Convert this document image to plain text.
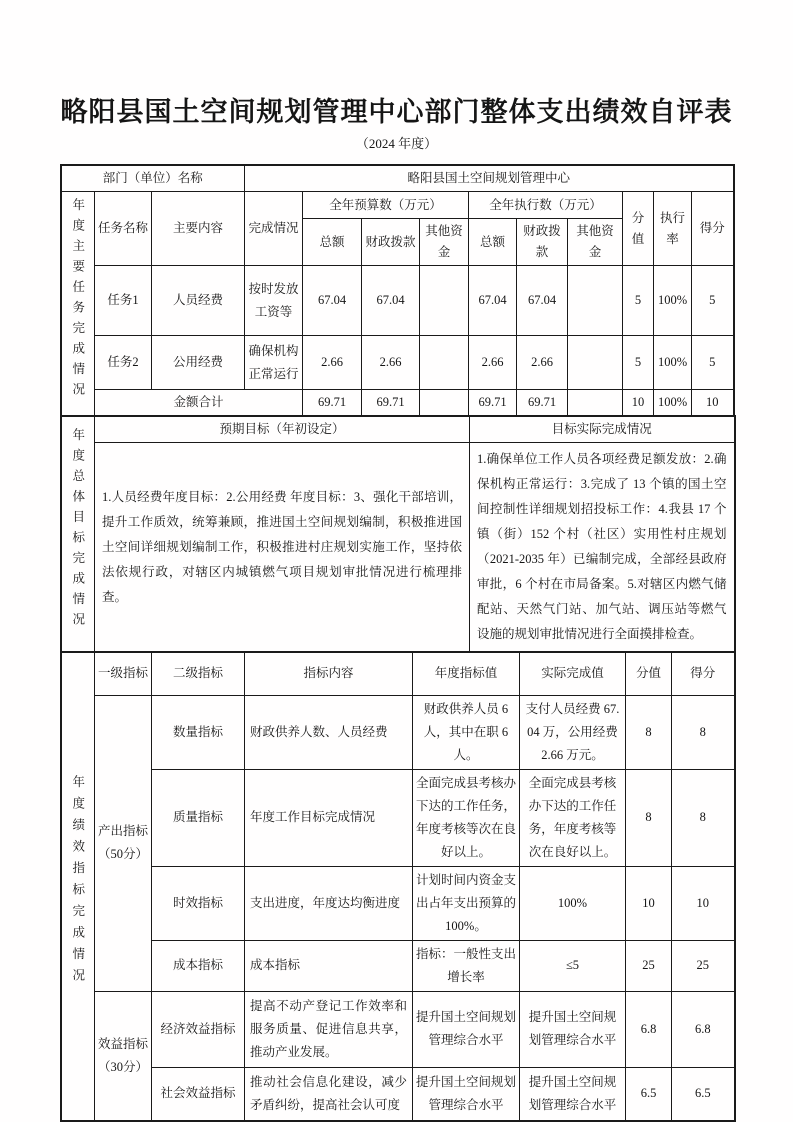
略阳县国土空间规划管理中心部门整体支出绩效自评表
（2024 年度）
部门（单位）名称			略阳县国土空间规划管理中心									
年度主要任务完成情况	任务名称	主要内容	完成情况	全年预算数（万元）			全年执行数（万元）			分值	执行率	得分
				总额	财政拨款	其他资金	总额	财政拨款	其他资金			
	任务1	人员经费	按时发放工资等	67.04	67.04		67.04	67.04		5	100%	5
	任务2	公用经费	确保机构正常运行	2.66	2.66		2.66	2.66		5	100%	5
	金额合计			69.71	69.71		69.71	69.71		10	100%	10
年度总体目标完成情况	预期目标（年初设定）	目标实际完成情况
	1.人员经费年度目标：2.公用经费 年度目标：3、强化干部培训，提升工作质效，统筹兼顾，推进国土空间规划编制，积极推进国土空间详细规划编制工作，积极推进村庄规划实施工作，坚持依法依规行政，对辖区内城镇燃气项目规划审批情况进行梳理排查。	1.确保单位工作人员各项经费足额发放：2.确保机构正常运行：3.完成了 13 个镇的国土空间控制性详细规划招投标工作：4.我县 17 个镇（街）152 个村（社区）实用性村庄规划（2021-2035 年）已编制完成，全部经县政府审批，6 个村在市局备案。5.对辖区内燃气储配站、天然气门站、加气站、调压站等燃气设施的规划审批情况进行全面摸排检查。
年度绩效指标完成情况	一级指标	二级指标	指标内容	年度指标值	实际完成值	分值	得分
	产出指标（50分）	数量指标	财政供养人数、人员经费	财政供养人员 6 人，其中在职 6 人。	支付人员经费 67.04 万，公用经费 2.66 万元。	8	8
		质量指标	年度工作目标完成情况	全面完成县考核办下达的工作任务，年度考核等次在良好以上。	全面完成县考核办下达的工作任务，年度考核等次在良好以上。	8	8
		时效指标	支出进度，年度达均衡进度	计划时间内资金支出占年支出预算的 100%。	100%	10	10
		成本指标	成本指标	指标：一般性支出增长率	≤5	25	25
	效益指标（30分）	经济效益指标	提高不动产登记工作效率和服务质量、促进信息共享，推动产业发展。	提升国土空间规划管理综合水平	提升国土空间规划管理综合水平	6.8	6.8
		社会效益指标	推动社会信息化建设，减少矛盾纠纷，提高社会认可度	提升国土空间规划管理综合水平	提升国土空间规划管理综合水平	6.5	6.5
